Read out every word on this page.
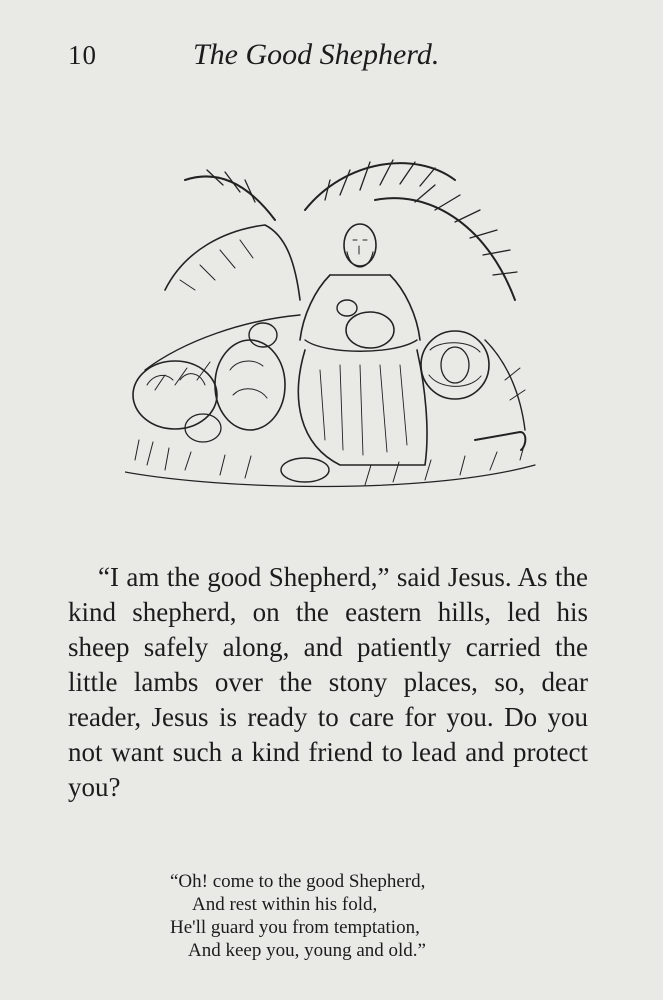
10	The Good Shepherd.

“I am the good Shepherd,” said Jesus. As the kind shepherd, on the eastern hills, led his sheep safely along, and patiently carried the little lambs over the stony places, so, dear reader, Jesus is ready to care for you. Do you not want such a kind friend to lead and protect you?

“Oh! come to the good Shepherd,
And rest within his fold,
He'll guard you from temptation,
And keep you, young and old.”
